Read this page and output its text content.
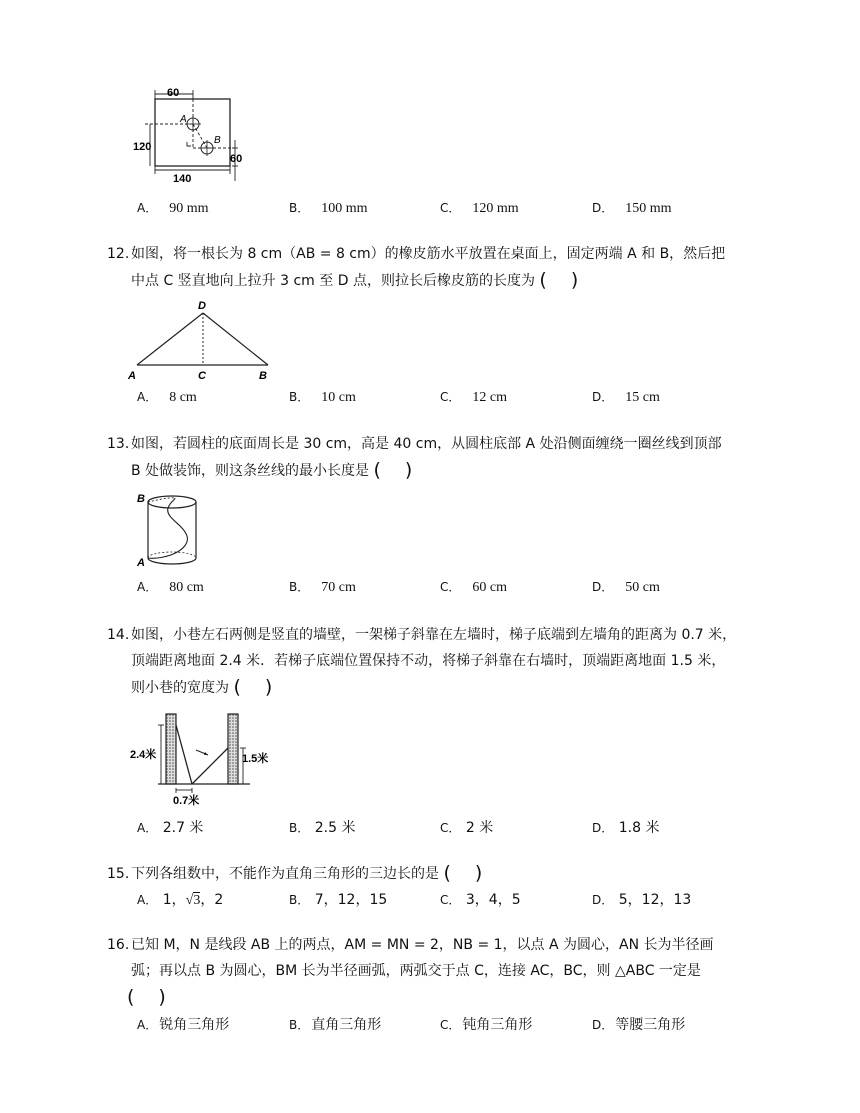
60
120
A
B
60
140
A． 90 mm	B． 100 mm	C． 120 mm	D． 150 mm
12. 如图，将一根长为 8 cm（AB = 8 cm）的橡皮筋水平放置在桌面上，固定两端 A 和 B，然后把
中点 C 竖直地向上拉升 3 cm 至 D 点，则拉长后橡皮筋的长度为 ()
D
A	C	B
A． 8 cm	B． 10 cm	C． 12 cm	D． 15 cm
13. 如图，若圆柱的底面周长是 30 cm，高是 40 cm，从圆柱底部 A 处沿侧面缠绕一圈丝线到顶部
B 处做装饰，则这条丝线的最小长度是 ()
B
A
A． 80 cm	B． 70 cm	C． 60 cm	D． 50 cm
14. 如图，小巷左石两侧是竖直的墙壁，一架梯子斜靠在左墙时，梯子底端到左墙角的距离为 0.7 米，
顶端距离地面 2.4 米．若梯子底端位置保持不动，将梯子斜靠在右墙时，顶端距离地面 1.5 米，
则小巷的宽度为 ()
2.4米	1.5米
0.7米
A． 2.7 米	B． 2.5 米	C． 2 米	D． 1.8 米
15. 下列各组数中，不能作为直角三角形的三边长的是 ()
A． 1，√3，2	B． 7，12，15	C． 3，4，5	D． 5，12，13
16. 已知 M，N 是线段 AB 上的两点，AM = MN = 2，NB = 1，以点 A 为圆心，AN 长为半径画
弧；再以点 B 为圆心，BM 长为半径画弧，两弧交于点 C，连接 AC，BC，则 △ABC 一定是
()
A． 锐角三角形	B． 直角三角形	C． 钝角三角形	D． 等腰三角形
